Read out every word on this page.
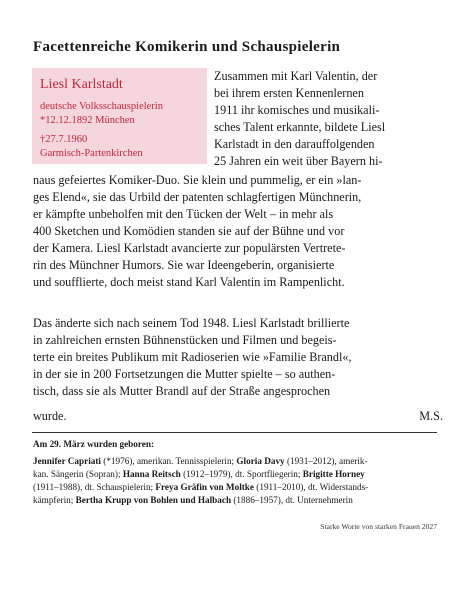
Facettenreiche Komikerin und Schauspielerin

Liesl Karlstadt

deutsche Volksschauspielerin

*12.12.1892 München

†27.7.1960

Garmisch-Partenkirchen

Zusammen mit Karl Valentin, der

bei ihrem ersten Kennenlernen

1911 ihr komisches und musikali-

sches Talent erkannte, bildete Liesl

Karlstadt in den darauffolgenden

25 Jahren ein weit über Bayern hi-

naus gefeiertes Komiker-Duo. Sie klein und pummelig, er ein »lan-

ges Elend«, sie das Urbild der patenten schlagfertigen Münchnerin,

er kämpfte unbeholfen mit den Tücken der Welt – in mehr als

400 Sketchen und Komödien standen sie auf der Bühne und vor

der Kamera. Liesl Karlstadt avancierte zur populärsten Vertrete-

rin des Münchner Humors. Sie war Ideengeberin, organisierte

und soufflierte, doch meist stand Karl Valentin im Rampenlicht.

Das änderte sich nach seinem Tod 1948. Liesl Karlstadt brillierte

in zahlreichen ernsten Bühnenstücken und Filmen und begeis-

terte ein breites Publikum mit Radioserien wie »Familie Brandl«,

in der sie in 200 Fortsetzungen die Mutter spielte – so authen-

tisch, dass sie als Mutter Brandl auf der Straße angesprochen

wurde.	M.S.
Am 29. März wurden geboren:
Jennifer Capriati (*1976), amerikan. Tennisspielerin; Gloria Davy (1931–2012), amerik-
kan. Sängerin (Sopran); Hanna Reitsch (1912–1979), dt. Sportfliegerin; Brigitte Horney
(1911–1988), dt. Schauspielerin; Freya Gräfin von Moltke (1911–2010), dt. Widerstands-
kämpferin; Bertha Krupp von Bohlen und Halbach (1886–1957), dt. Unternehmerin
Starke Worte von starken Frauen 2027
